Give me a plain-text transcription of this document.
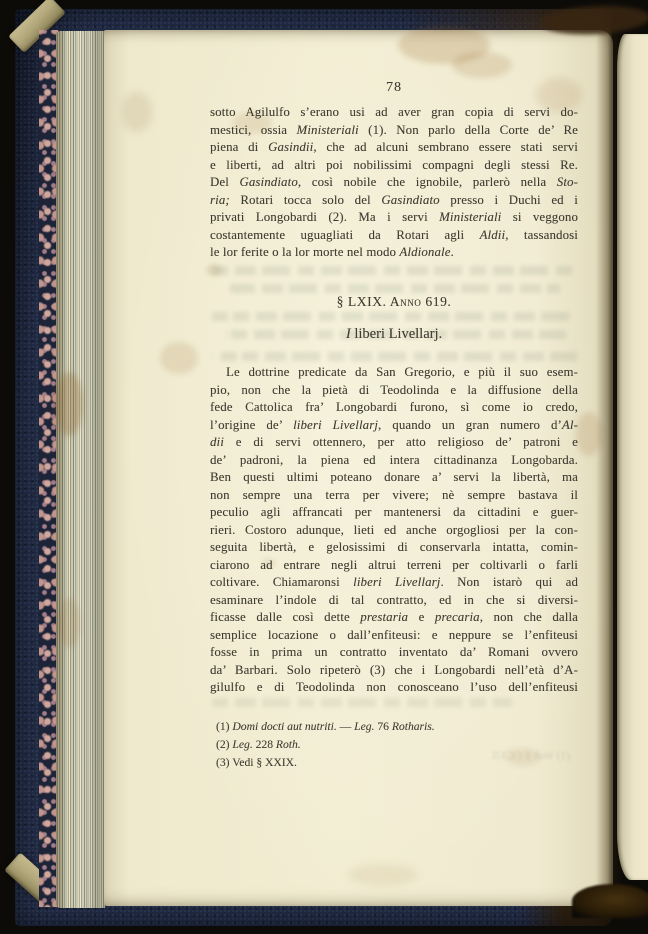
(1) Vedi § CCXII.
78
sotto Agilulfo s’erano usi ad aver gran copia di servi do-
mestici, ossia Ministeriali (1). Non parlo della Corte de’ Re
piena di Gasindii, che ad alcuni sembrano essere stati servi
e liberti, ad altri poi nobilissimi compagni degli stessi Re.
Del Gasindiato, così nobile che ignobile, parlerò nella Sto-
ria; Rotari tocca solo del Gasindiato presso i Duchi ed i
privati Longobardi (2). Ma i servi Ministeriali si veggono
costantemente uguagliati da Rotari agli Aldii, tassandosi
le lor ferite o la lor morte nel modo Aldionale.
§ LXIX. Anno 619.
I liberi Livellarj.
Le dottrine predicate da San Gregorio, e più il suo esem-
pio, non che la pietà di Teodolinda e la diffusione della
fede Cattolica fra’ Longobardi furono, sì come io credo,
l’origine de’ liberi Livellarj, quando un gran numero d’Al-
dii e di servi ottennero, per atto religioso de’ patroni e
de’ padroni, la piena ed intera cittadinanza Longobarda.
Ben questi ultimi poteano donare a’ servi la libertà, ma
non sempre una terra per vivere; nè sempre bastava il
peculio agli affrancati per mantenersi da cittadini e guer-
rieri. Costoro adunque, lieti ed anche orgogliosi per la con-
seguita libertà, e gelosissimi di conservarla intatta, comin-
ciarono ad entrare negli altrui terreni per coltivarli o farli
coltivare. Chiamaronsi liberi Livellarj. Non istarò qui ad
esaminare l’indole di tal contratto, ed in che si diversi-
ficasse dalle così dette prestaria e precaria, non che dalla
semplice locazione o dall’enfiteusi: e neppure se l’enfiteusi
fosse in prima un contratto inventato da’ Romani ovvero
da’ Barbari. Solo ripeterò (3) che i Longobardi nell’età d’A-
gilulfo e di Teodolinda non conosceano l’uso dell’enfiteusi
(1) Domi docti aut nutriti. — Leg. 76 Rotharis.
(2) Leg. 228 Roth.
(3) Vedi § XXIX.
